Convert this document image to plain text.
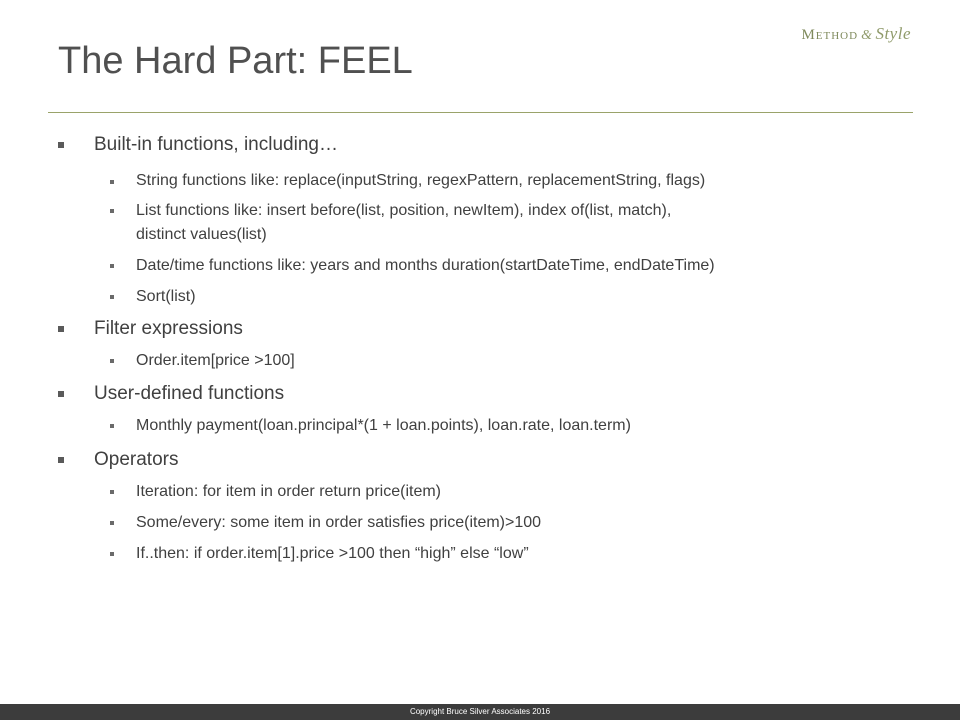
Method & Style
The Hard Part: FEEL
Built-in functions, including…
String functions like: replace(inputString, regexPattern, replacementString, flags)
List functions like: insert before(list, position, newItem), index of(list, match),
distinct values(list)
Date/time functions like: years and months duration(startDateTime, endDateTime)
Sort(list)
Filter expressions
Order.item[price >100]
User-defined functions
Monthly payment(loan.principal*(1 + loan.points), loan.rate, loan.term)
Operators
Iteration: for item in order return price(item)
Some/every: some item in order satisfies price(item)>100
If..then: if order.item[1].price >100 then “high” else “low”
Copyright Bruce Silver Associates 2016
